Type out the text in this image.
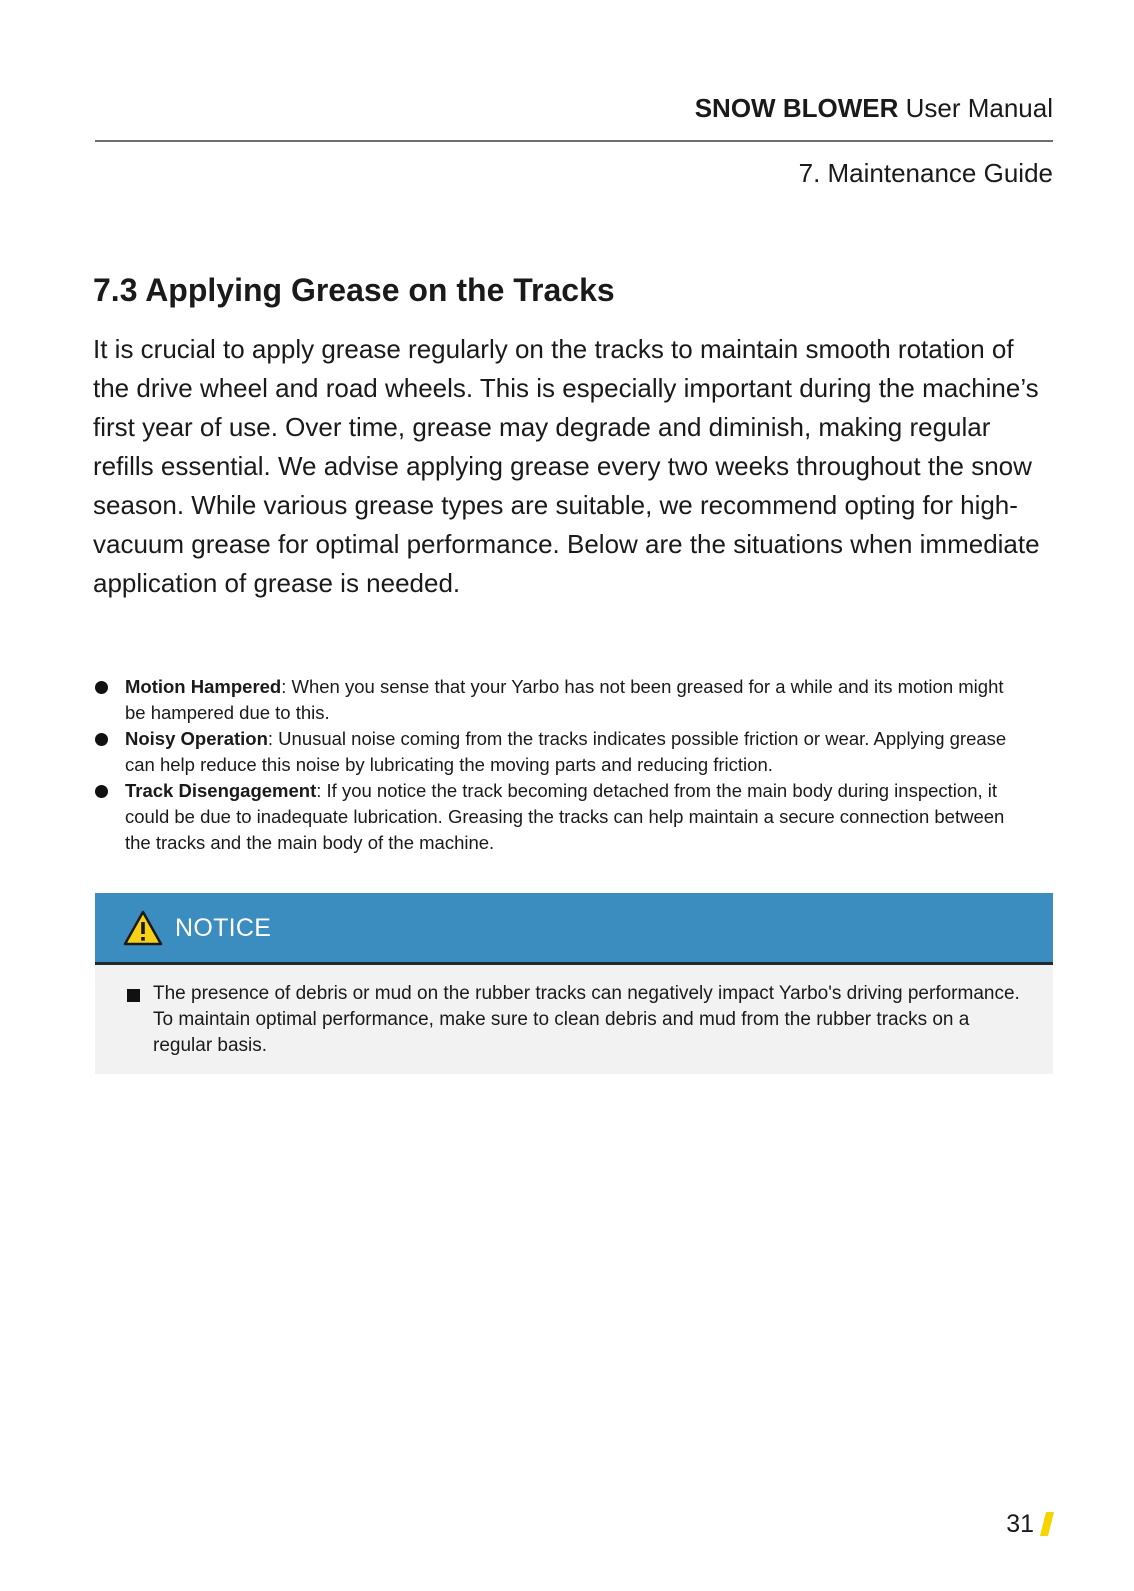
SNOW BLOWER User Manual
7. Maintenance Guide
7.3 Applying Grease on the Tracks

It is crucial to apply grease regularly on the tracks to maintain smooth rotation of the drive wheel and road wheels. This is especially important during the machine’s first year of use. Over time, grease may degrade and diminish, making regular refills essential. We advise applying grease every two weeks throughout the snow season. While various grease types are suitable, we recommend opting for high-vacuum grease for optimal performance. Below are the situations when immediate application of grease is needed.

Motion Hampered: When you sense that your Yarbo has not been greased for a while and its motion might be hampered due to this.
Noisy Operation: Unusual noise coming from the tracks indicates possible friction or wear. Applying grease can help reduce this noise by lubricating the moving parts and reducing friction.
Track Disengagement: If you notice the track becoming detached from the main body during inspection, it could be due to inadequate lubrication. Greasing the tracks can help maintain a secure connection between the tracks and the main body of the machine.
NOTICE
The presence of debris or mud on the rubber tracks can negatively impact Yarbo's driving performance. To maintain optimal performance, make sure to clean debris and mud from the rubber tracks on a regular basis.
31
